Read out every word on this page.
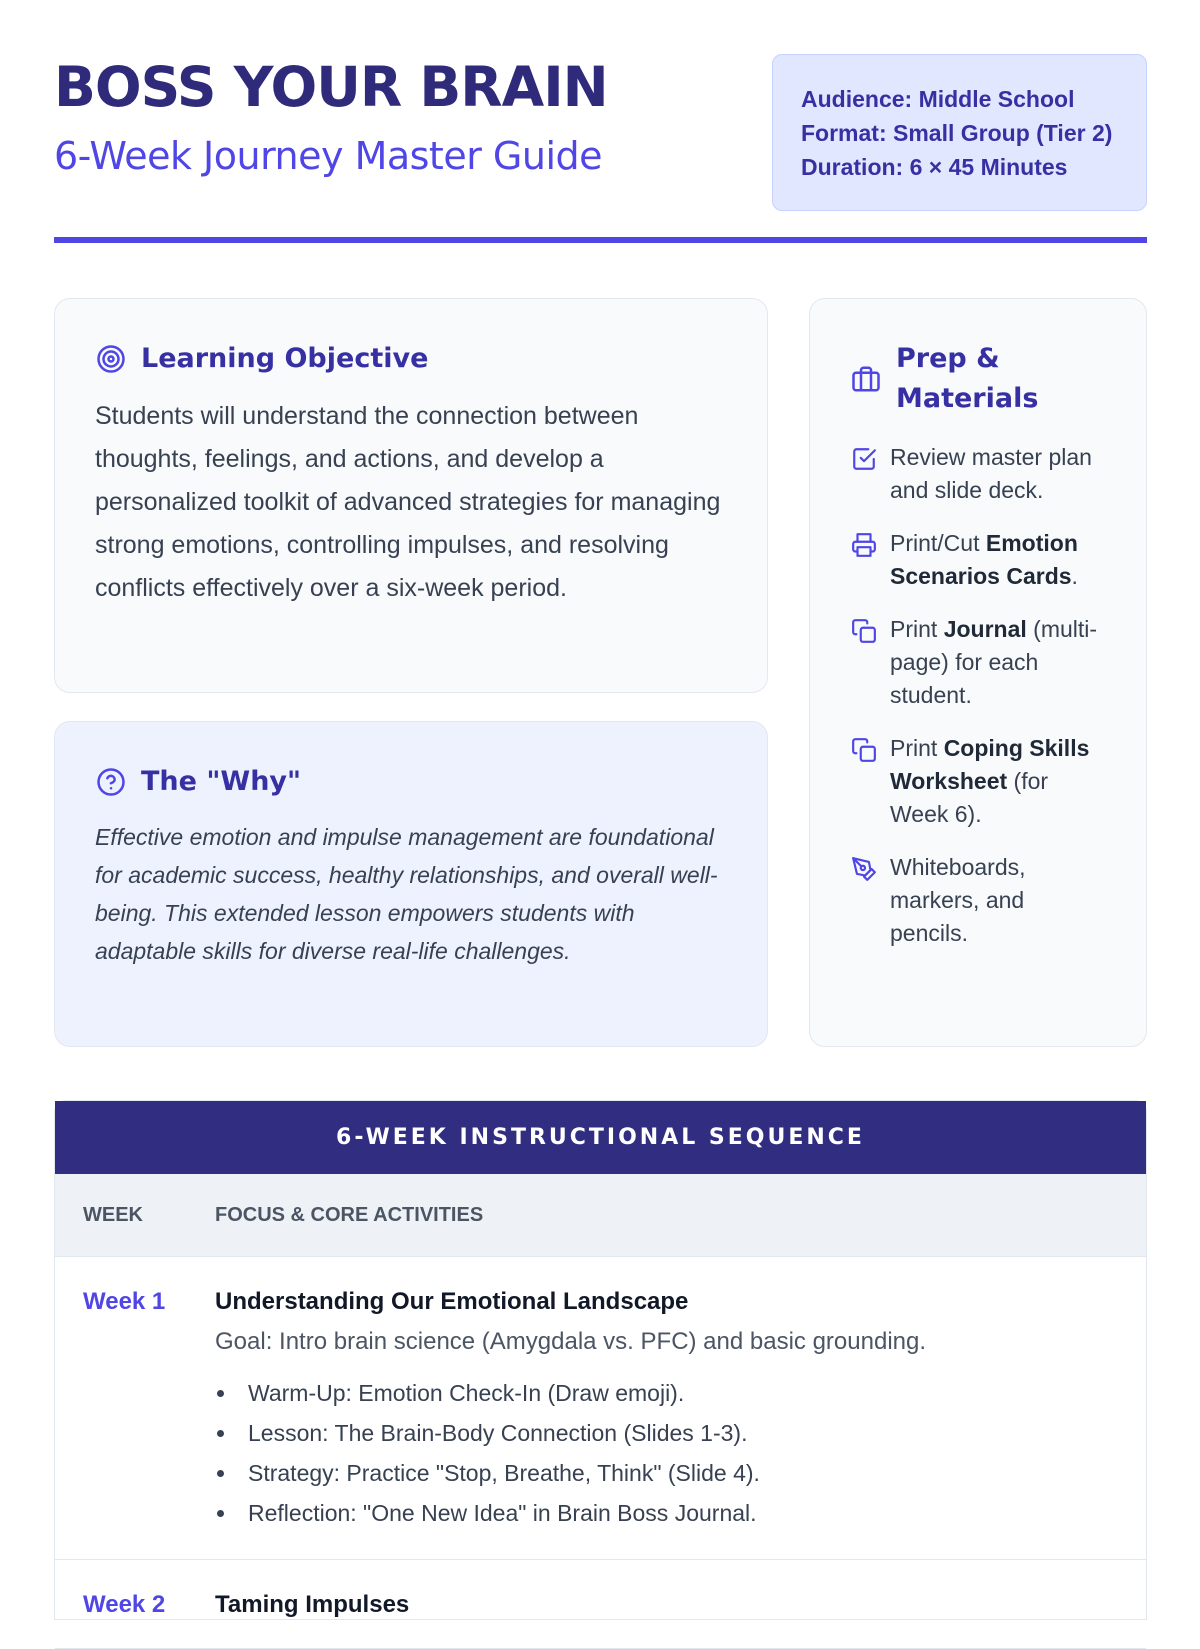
BOSS YOUR BRAIN
6-Week Journey Master Guide
Audience: Middle School
Format: Small Group (Tier 2)
Duration: 6 × 45 Minutes
Learning Objective

Students will understand the connection between thoughts, feelings, and actions, and develop a personalized toolkit of advanced strategies for managing strong emotions, controlling impulses, and resolving conflicts effectively over a six-week period.

The "Why"

Effective emotion and impulse management are foundational for academic success, healthy relationships, and overall well-being. This extended lesson empowers students with adaptable skills for diverse real-life challenges.

Prep & Materials
Review master plan and slide deck.
Print/Cut Emotion Scenarios Cards.
Print Journal (multi-page) for each student.
Print Coping Skills Worksheet (for Week 6).
Whiteboards, markers, and pencils.
6-WEEK INSTRUCTIONAL SEQUENCE
WEEK	FOCUS & CORE ACTIVITIES
Week 1	Understanding Our Emotional Landscape
Goal: Intro brain science (Amygdala vs. PFC) and basic grounding.
Warm-Up: Emotion Check-In (Draw emoji).
Lesson: The Brain-Body Connection (Slides 1-3).
Strategy: Practice "Stop, Breathe, Think" (Slide 4).
Reflection: "One New Idea" in Brain Boss Journal.
Week 2	Taming Impulses
